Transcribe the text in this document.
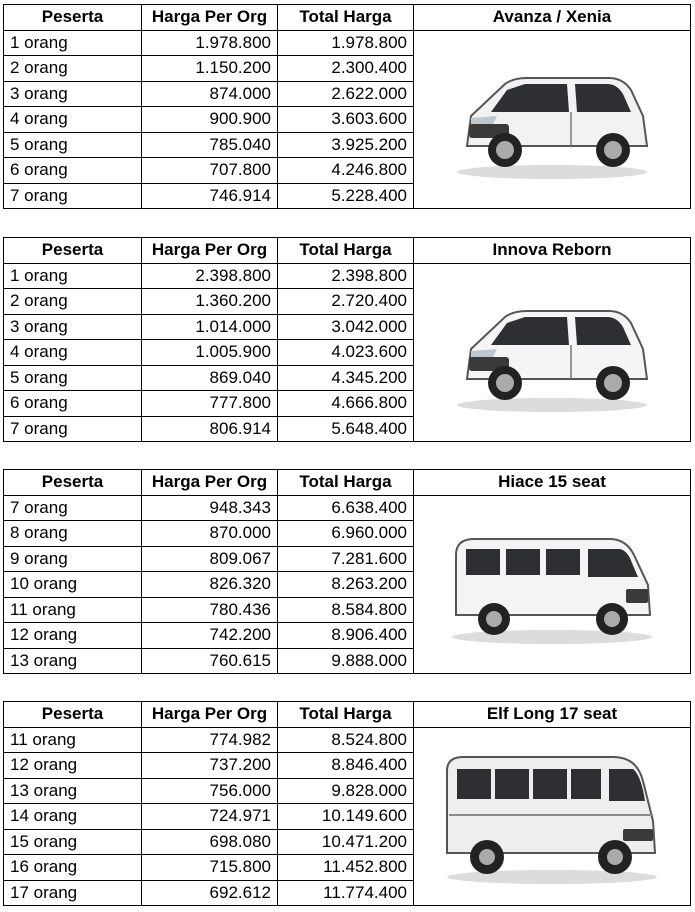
Peserta	Harga Per Org	Total Harga	Avanza / Xenia
1 orang	1.978.800	1.978.800	

2 orang	1.150.200	2.300.400	
3 orang	874.000	2.622.000	
4 orang	900.900	3.603.600	
5 orang	785.040	3.925.200	
6 orang	707.800	4.246.800	
7 orang	746.914	5.228.400	
Peserta	Harga Per Org	Total Harga	Innova Reborn
1 orang	2.398.800	2.398.800	

2 orang	1.360.200	2.720.400	
3 orang	1.014.000	3.042.000	
4 orang	1.005.900	4.023.600	
5 orang	869.040	4.345.200	
6 orang	777.800	4.666.800	
7 orang	806.914	5.648.400	
Peserta	Harga Per Org	Total Harga	Hiace 15 seat
7 orang	948.343	6.638.400	

8 orang	870.000	6.960.000	
9 orang	809.067	7.281.600	
10 orang	826.320	8.263.200	
11 orang	780.436	8.584.800	
12 orang	742.200	8.906.400	
13 orang	760.615	9.888.000	
Peserta	Harga Per Org	Total Harga	Elf Long 17 seat
11 orang	774.982	8.524.800	

12 orang	737.200	8.846.400	
13 orang	756.000	9.828.000	
14 orang	724.971	10.149.600	
15 orang	698.080	10.471.200	
16 orang	715.800	11.452.800	
17 orang	692.612	11.774.400	
